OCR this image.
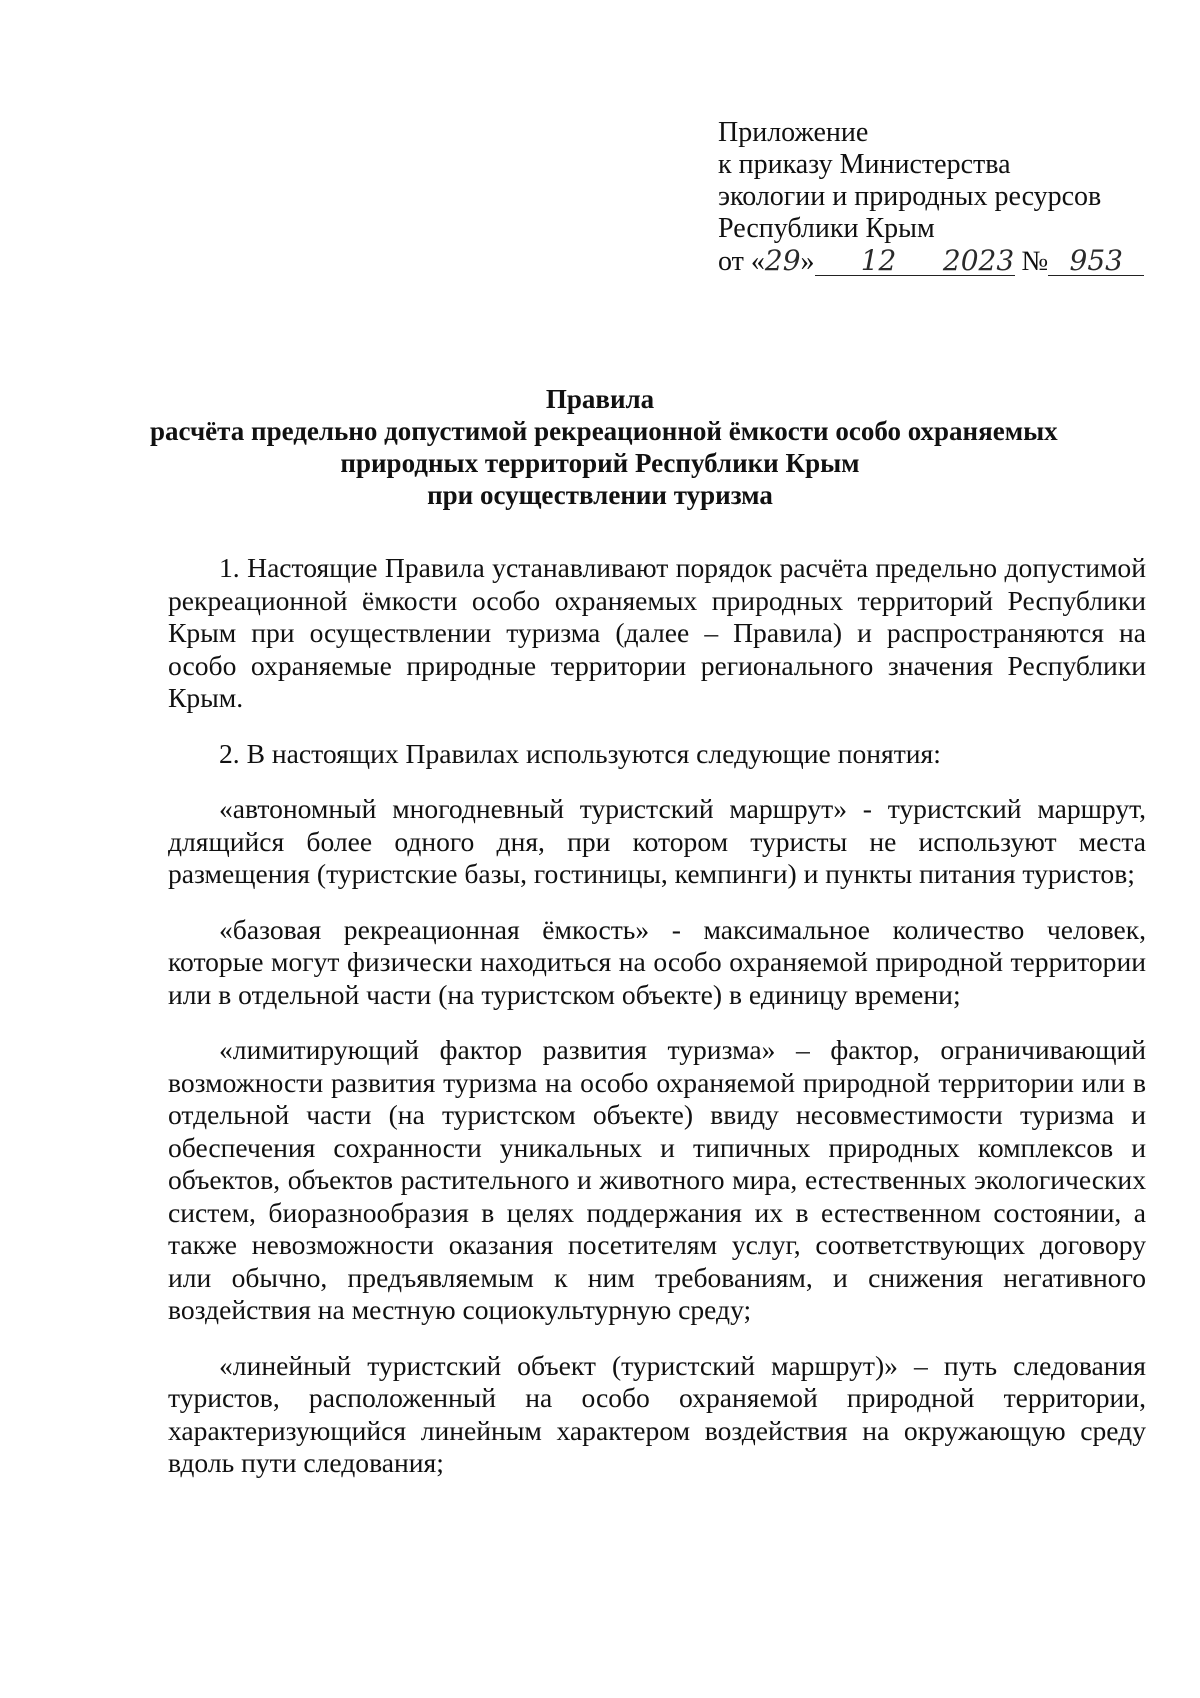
Приложение
к приказу Министерства
экологии и природных ресурсов
Республики Крым
от «29» 12 2023 № 953
Правила
расчёта предельно допустимой рекреационной ёмкости особо охраняемых
природных территорий Республики Крым
при осуществлении туризма

1. Настоящие Правила устанавливают порядок расчёта предельно допустимой рекреационной ёмкости особо охраняемых природных территорий Республики Крым при осуществлении туризма (далее – Правила) и распространяются на особо охраняемые природные территории регионального значения Республики Крым.

2. В настоящих Правилах используются следующие понятия:

«автономный многодневный туристский маршрут» - туристский маршрут, длящийся более одного дня, при котором туристы не используют места размещения (туристские базы, гостиницы, кемпинги) и пункты питания туристов;

«базовая рекреационная ёмкость» - максимальное количество человек, которые могут физически находиться на особо охраняемой природной территории или в отдельной части (на туристском объекте) в единицу времени;

«лимитирующий фактор развития туризма» – фактор, ограничивающий возможности развития туризма на особо охраняемой природной территории или в отдельной части (на туристском объекте) ввиду несовместимости туризма и обеспечения сохранности уникальных и типичных природных комплексов и объектов, объектов растительного и животного мира, естественных экологических систем, биоразнообразия в целях поддержания их в естественном состоянии, а также невозможности оказания посетителям услуг, соответствующих договору или обычно, предъявляемым к ним требованиям, и снижения негативного воздействия на местную социокультурную среду;

«линейный туристский объект (туристский маршрут)» – путь следования туристов, расположенный на особо охраняемой природной территории, характеризующийся линейным характером воздействия на окружающую среду вдоль пути следования;
